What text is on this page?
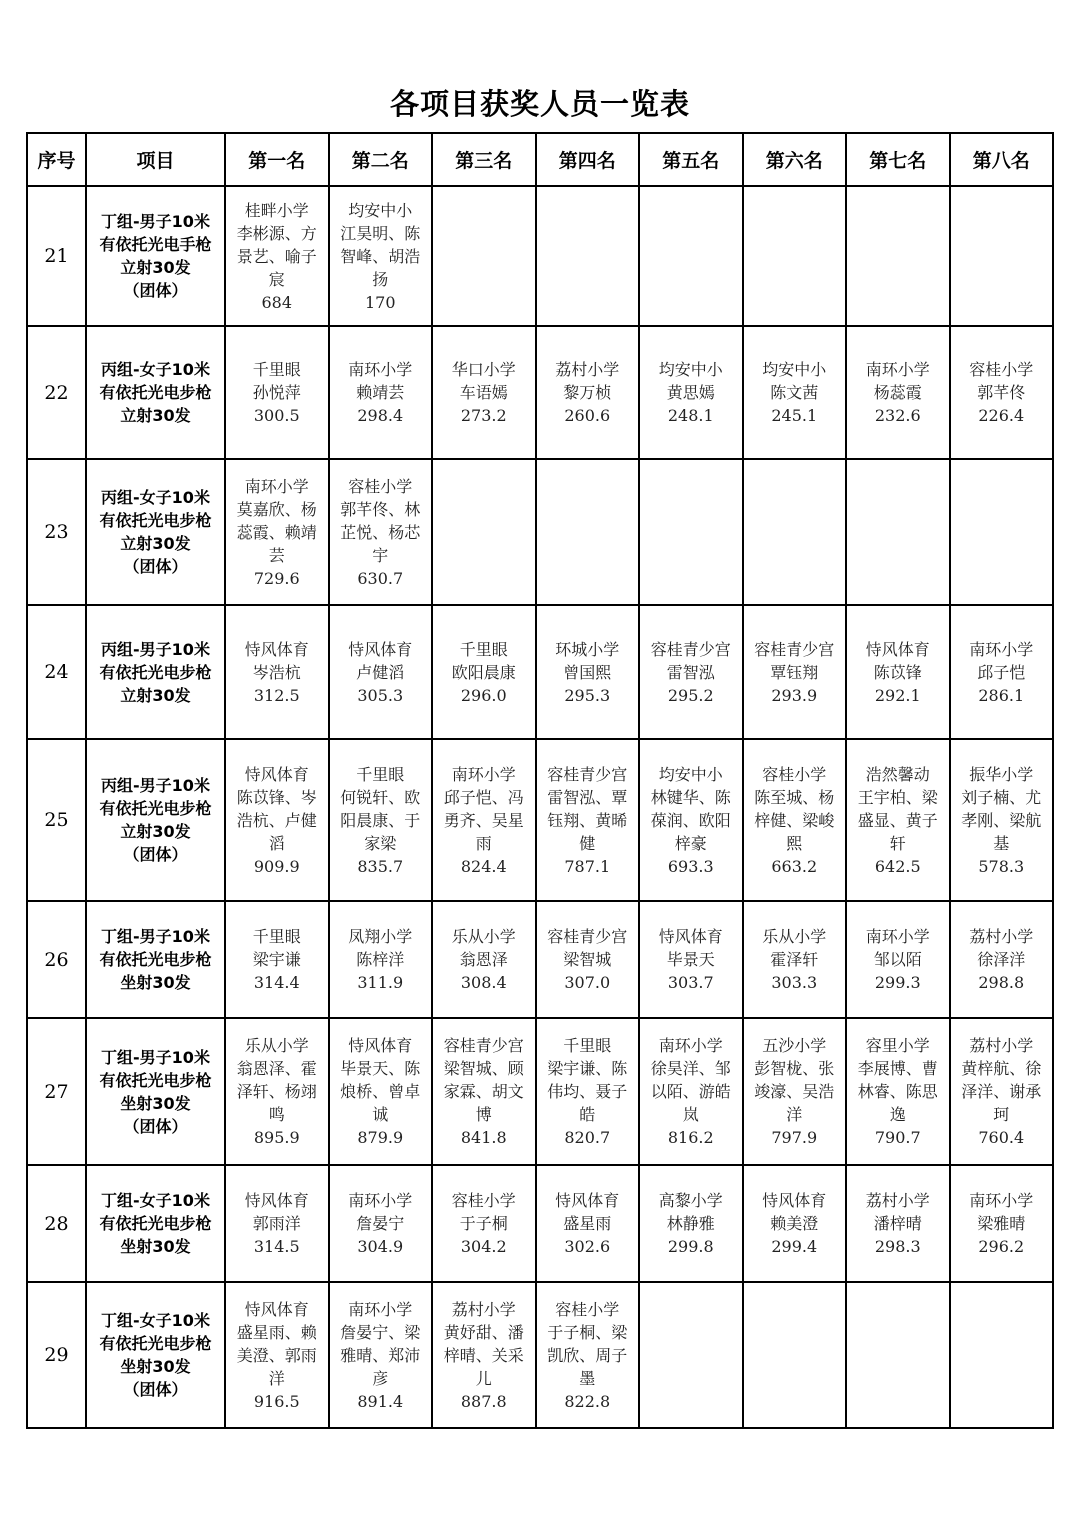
各项目获奖人员一览表
序号	项目	第一名	第二名	第三名	第四名	第五名	第六名	第七名	第八名
21	丁组-男子10米
有依托光电手枪
立射30发
（团体）	桂畔小学
李彬源、方
景艺、喻子
宸
684	均安中小
江昊明、陈
智峰、胡浩
扬
170						

22	丙组-女子10米
有依托光电步枪
立射30发	千里眼
孙悦萍
300.5	南环小学
赖靖芸
298.4	华口小学
车语嫣
273.2	荔村小学
黎万桢
260.6	均安中小
黄思嫣
248.1	均安中小
陈文茜
245.1	南环小学
杨蕊霞
232.6	容桂小学
郭芊佟
226.4

23	丙组-女子10米
有依托光电步枪
立射30发
（团体）	南环小学
莫嘉欣、杨
蕊霞、赖靖
芸
729.6	容桂小学
郭芊佟、林
芷悦、杨芯
宇
630.7						

24	丙组-男子10米
有依托光电步枪
立射30发	恃风体育
岑浩杭
312.5	恃风体育
卢健滔
305.3	千里眼
欧阳晨康
296.0	环城小学
曾国熙
295.3	容桂青少宫
雷智泓
295.2	容桂青少宫
覃钰翔
293.9	恃风体育
陈苡锋
292.1	南环小学
邱子恺
286.1

25	丙组-男子10米
有依托光电步枪
立射30发
（团体）	恃风体育
陈苡锋、岑
浩杭、卢健
滔
909.9	千里眼
何锐轩、欧
阳晨康、于
家梁
835.7	南环小学
邱子恺、冯
勇齐、吴星
雨
824.4	容桂青少宫
雷智泓、覃
钰翔、黄晞
健
787.1	均安中小
林键华、陈
葆润、欧阳
梓豪
693.3	容桂小学
陈至城、杨
梓健、梁峻
熙
663.2	浩然馨动
王宇柏、梁
盛显、黄子
轩
642.5	振华小学
刘子楠、尤
孝刚、梁航
基
578.3

26	丁组-男子10米
有依托光电步枪
坐射30发	千里眼
梁宇谦
314.4	凤翔小学
陈梓洋
311.9	乐从小学
翁恩泽
308.4	容桂青少宫
梁智城
307.0	恃风体育
毕景天
303.7	乐从小学
霍泽轩
303.3	南环小学
邹以陌
299.3	荔村小学
徐泽洋
298.8

27	丁组-男子10米
有依托光电步枪
坐射30发
（团体）	乐从小学
翁恩泽、霍
泽轩、杨翊
鸣
895.9	恃风体育
毕景天、陈
烺桥、曾卓
诚
879.9	容桂青少宫
梁智城、顾
家霖、胡文
博
841.8	千里眼
梁宇谦、陈
伟均、聂子
皓
820.7	南环小学
徐昊洋、邹
以陌、游皓
岚
816.2	五沙小学
彭智栊、张
竣濠、吴浩
洋
797.9	容里小学
李展博、曹
林睿、陈思
逸
790.7	荔村小学
黄梓航、徐
泽洋、谢承
珂
760.4

28	丁组-女子10米
有依托光电步枪
坐射30发	恃风体育
郭雨洋
314.5	南环小学
詹晏宁
304.9	容桂小学
于子桐
304.2	恃风体育
盛星雨
302.6	高黎小学
林静雅
299.8	恃风体育
赖美澄
299.4	荔村小学
潘梓晴
298.3	南环小学
梁雅晴
296.2

29	丁组-女子10米
有依托光电步枪
坐射30发
（团体）	恃风体育
盛星雨、赖
美澄、郭雨
洋
916.5	南环小学
詹晏宁、梁
雅晴、郑沛
彦
891.4	荔村小学
黄妤甜、潘
梓晴、关采
儿
887.8	容桂小学
于子桐、梁
凯欣、周子
墨
822.8				
